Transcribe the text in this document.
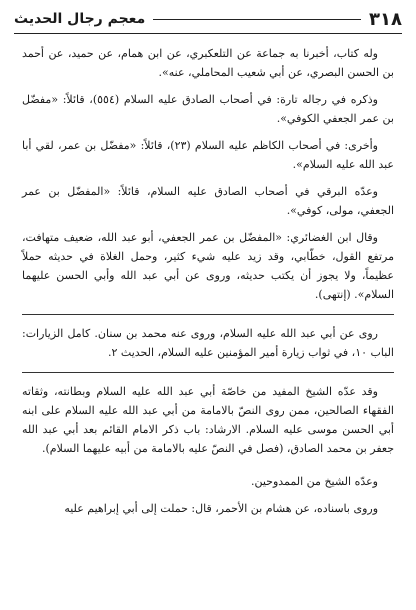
٣١٨
معجم رجال الحديث

وله كتاب، أخبرنا به جماعة عن التلعكبري، عن ابن همام، عن حميد، عن أحمد بن الحسن البصري، عن أبي شعيب المحاملي، عنه».

وذكره في رجاله تارة: في أصحاب الصادق عليه السلام (٥٥٤)، قائلاً: «مفضّل بن عمر الجعفي الكوفي».

وأخرى: في أصحاب الكاظم عليه السلام (٢٣)، قائلاً: «مفضّل بن عمر، لقي أبا عبد الله عليه السلام».

وعدّه البرقي في أصحاب الصادق عليه السلام، قائلاً: «المفضّل بن عمر الجعفي، مولى، كوفي».

وقال ابن الغضائري: «المفضّل بن عمر الجعفي، أبو عبد الله، ضعيف متهافت، مرتفع القول، خطّابي، وقد زيد عليه شيء كثير، وحمل الغلاة في حديثه حملاً عظيماً، ولا يجوز أن يكتب حديثه، وروى عن أبي عبد الله وأبي الحسن عليهما السلام». (إنتهى).

روى عن أبي عبد الله عليه السلام، وروى عنه محمد بن سنان. كامل الزيارات: الباب ١٠، في ثواب زيارة أمير المؤمنين عليه السلام، الحديث ٢.

وقد عدّه الشيخ المفيد من خاصّة أبي عبد الله عليه السلام وبطانته، وثقاته الفقهاء الصالحين، ممن روى النصّ بالامامة من أبي عبد الله عليه السلام على ابنه أبي الحسن موسى عليه السلام. الارشاد: باب ذكر الامام القائم بعد أبي عبد الله جعفر بن محمد الصادق، (فصل في النصّ عليه بالامامة من أبيه عليهما السلام).

وعدّه الشيخ من الممدوحين.

وروى باسناده، عن هشام بن الأحمر، قال: حملت إلى أبي إبراهيم عليه
